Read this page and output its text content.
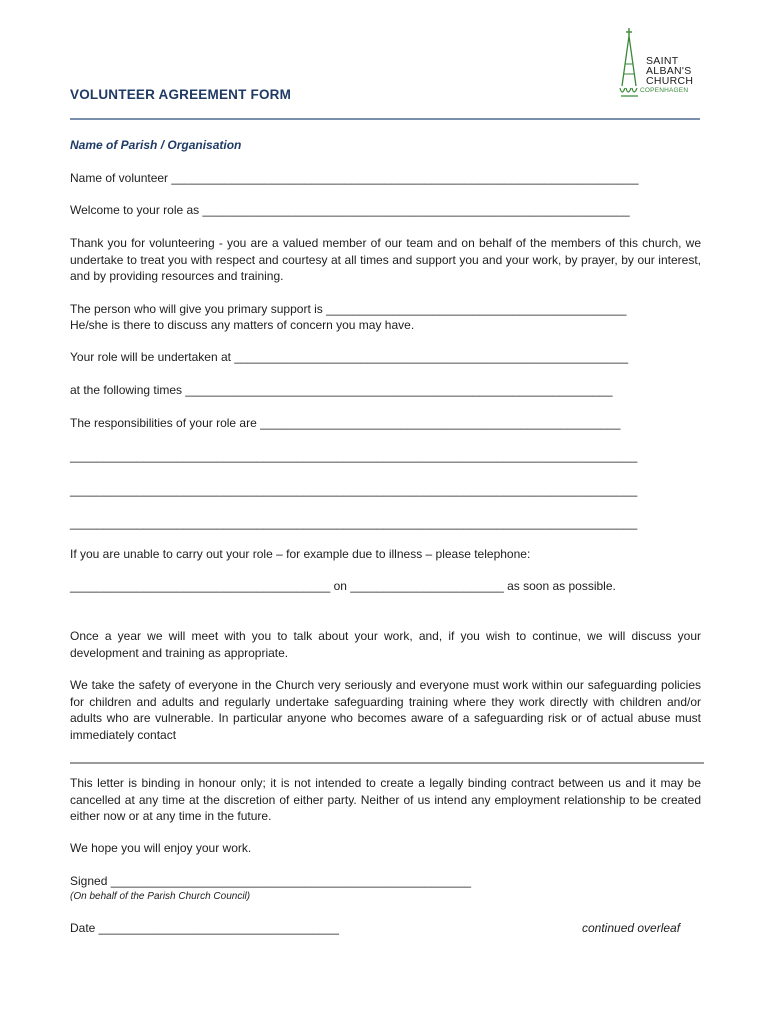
VOLUNTEER AGREEMENT FORM
SAINT
ALBAN'S
CHURCH
COPENHAGEN

Name of Parish / Organisation

Name of volunteer ______________________________________________________________________

Welcome to your role as ________________________________________________________________

Thank you for volunteering - you are a valued member of our team and on behalf of the members of this church, we undertake to treat you with respect and courtesy at all times and support you and your work, by prayer, by our interest, and by providing resources and training.

The person who will give you primary support is _____________________________________________

He/she is there to discuss any matters of concern you may have.

Your role will be undertaken at ___________________________________________________________

at the following times ________________________________________________________________

The responsibilities of your role are ______________________________________________________

_____________________________________________________________________________________

_____________________________________________________________________________________

_____________________________________________________________________________________

If you are unable to carry out your role – for example due to illness – please telephone:

_______________________________________ on _______________________ as soon as possible.

Once a year we will meet with you to talk about your work, and, if you wish to continue, we will discuss your development and training as appropriate.

We take the safety of everyone in the Church very seriously and everyone must work within our safeguarding policies for children and adults and regularly undertake safeguarding training where they work directly with children and/or adults who are vulnerable. In particular anyone who becomes aware of a safeguarding risk or of actual abuse must immediately contact

This letter is binding in honour only; it is not intended to create a legally binding contract between us and it may be cancelled at any time at the discretion of either party. Neither of us intend any employment relationship to be created either now or at any time in the future.

We hope you will enjoy your work.

Signed ______________________________________________________

(On behalf of the Parish Church Council)

Date ____________________________________	continued overleaf
